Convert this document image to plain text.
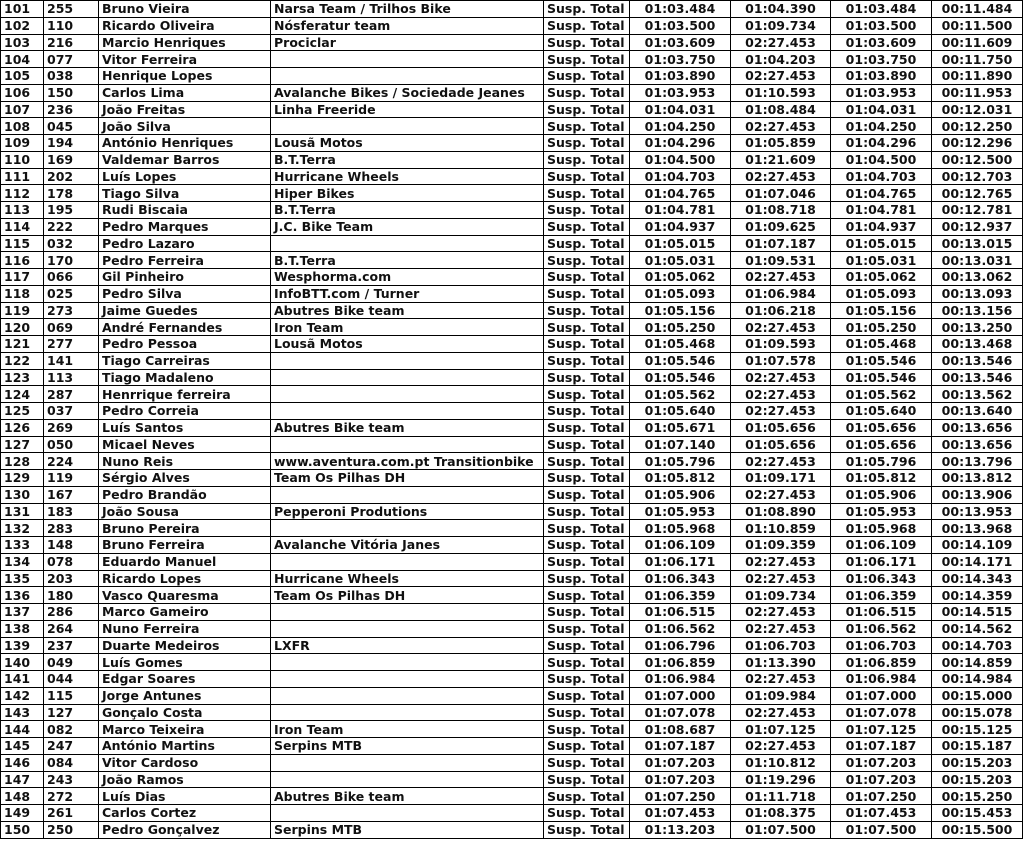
101	255	Bruno Vieira	Narsa Team / Trilhos Bike	Susp. Total	01:03.484	01:04.390	01:03.484	00:11.484
102	110	Ricardo Oliveira	Nósferatur team	Susp. Total	01:03.500	01:09.734	01:03.500	00:11.500
103	216	Marcio Henriques	Prociclar	Susp. Total	01:03.609	02:27.453	01:03.609	00:11.609
104	077	Vitor Ferreira		Susp. Total	01:03.750	01:04.203	01:03.750	00:11.750
105	038	Henrique Lopes		Susp. Total	01:03.890	02:27.453	01:03.890	00:11.890
106	150	Carlos Lima	Avalanche Bikes / Sociedade Jeanes	Susp. Total	01:03.953	01:10.593	01:03.953	00:11.953
107	236	João Freitas	Linha Freeride	Susp. Total	01:04.031	01:08.484	01:04.031	00:12.031
108	045	João Silva		Susp. Total	01:04.250	02:27.453	01:04.250	00:12.250
109	194	António Henriques	Lousã Motos	Susp. Total	01:04.296	01:05.859	01:04.296	00:12.296
110	169	Valdemar Barros	B.T.Terra	Susp. Total	01:04.500	01:21.609	01:04.500	00:12.500
111	202	Luís Lopes	Hurricane Wheels	Susp. Total	01:04.703	02:27.453	01:04.703	00:12.703
112	178	Tiago Silva	Hiper Bikes	Susp. Total	01:04.765	01:07.046	01:04.765	00:12.765
113	195	Rudi Biscaia	B.T.Terra	Susp. Total	01:04.781	01:08.718	01:04.781	00:12.781
114	222	Pedro Marques	J.C. Bike Team	Susp. Total	01:04.937	01:09.625	01:04.937	00:12.937
115	032	Pedro Lazaro		Susp. Total	01:05.015	01:07.187	01:05.015	00:13.015
116	170	Pedro Ferreira	B.T.Terra	Susp. Total	01:05.031	01:09.531	01:05.031	00:13.031
117	066	Gil Pinheiro	Wesphorma.com	Susp. Total	01:05.062	02:27.453	01:05.062	00:13.062
118	025	Pedro Silva	InfoBTT.com / Turner	Susp. Total	01:05.093	01:06.984	01:05.093	00:13.093
119	273	Jaime Guedes	Abutres Bike team	Susp. Total	01:05.156	01:06.218	01:05.156	00:13.156
120	069	André Fernandes	Iron Team	Susp. Total	01:05.250	02:27.453	01:05.250	00:13.250
121	277	Pedro Pessoa	Lousã Motos	Susp. Total	01:05.468	01:09.593	01:05.468	00:13.468
122	141	Tiago Carreiras		Susp. Total	01:05.546	01:07.578	01:05.546	00:13.546
123	113	Tiago Madaleno		Susp. Total	01:05.546	02:27.453	01:05.546	00:13.546
124	287	Henrrique ferreira		Susp. Total	01:05.562	02:27.453	01:05.562	00:13.562
125	037	Pedro Correia		Susp. Total	01:05.640	02:27.453	01:05.640	00:13.640
126	269	Luís Santos	Abutres Bike team	Susp. Total	01:05.671	01:05.656	01:05.656	00:13.656
127	050	Micael Neves		Susp. Total	01:07.140	01:05.656	01:05.656	00:13.656
128	224	Nuno Reis	www.aventura.com.pt Transitionbike	Susp. Total	01:05.796	02:27.453	01:05.796	00:13.796
129	119	Sérgio Alves	Team Os Pilhas DH	Susp. Total	01:05.812	01:09.171	01:05.812	00:13.812
130	167	Pedro Brandão		Susp. Total	01:05.906	02:27.453	01:05.906	00:13.906
131	183	João Sousa	Pepperoni Produtions	Susp. Total	01:05.953	01:08.890	01:05.953	00:13.953
132	283	Bruno Pereira		Susp. Total	01:05.968	01:10.859	01:05.968	00:13.968
133	148	Bruno Ferreira	Avalanche Vitória Janes	Susp. Total	01:06.109	01:09.359	01:06.109	00:14.109
134	078	Eduardo Manuel		Susp. Total	01:06.171	02:27.453	01:06.171	00:14.171
135	203	Ricardo Lopes	Hurricane Wheels	Susp. Total	01:06.343	02:27.453	01:06.343	00:14.343
136	180	Vasco Quaresma	Team Os Pilhas DH	Susp. Total	01:06.359	01:09.734	01:06.359	00:14.359
137	286	Marco Gameiro		Susp. Total	01:06.515	02:27.453	01:06.515	00:14.515
138	264	Nuno Ferreira		Susp. Total	01:06.562	02:27.453	01:06.562	00:14.562
139	237	Duarte Medeiros	LXFR	Susp. Total	01:06.796	01:06.703	01:06.703	00:14.703
140	049	Luís Gomes		Susp. Total	01:06.859	01:13.390	01:06.859	00:14.859
141	044	Edgar Soares		Susp. Total	01:06.984	02:27.453	01:06.984	00:14.984
142	115	Jorge Antunes		Susp. Total	01:07.000	01:09.984	01:07.000	00:15.000
143	127	Gonçalo Costa		Susp. Total	01:07.078	02:27.453	01:07.078	00:15.078
144	082	Marco Teixeira	Iron Team	Susp. Total	01:08.687	01:07.125	01:07.125	00:15.125
145	247	António Martins	Serpins MTB	Susp. Total	01:07.187	02:27.453	01:07.187	00:15.187
146	084	Vitor Cardoso		Susp. Total	01:07.203	01:10.812	01:07.203	00:15.203
147	243	João Ramos		Susp. Total	01:07.203	01:19.296	01:07.203	00:15.203
148	272	Luís Dias	Abutres Bike team	Susp. Total	01:07.250	01:11.718	01:07.250	00:15.250
149	261	Carlos Cortez		Susp. Total	01:07.453	01:08.375	01:07.453	00:15.453
150	250	Pedro Gonçalvez	Serpins MTB	Susp. Total	01:13.203	01:07.500	01:07.500	00:15.500
